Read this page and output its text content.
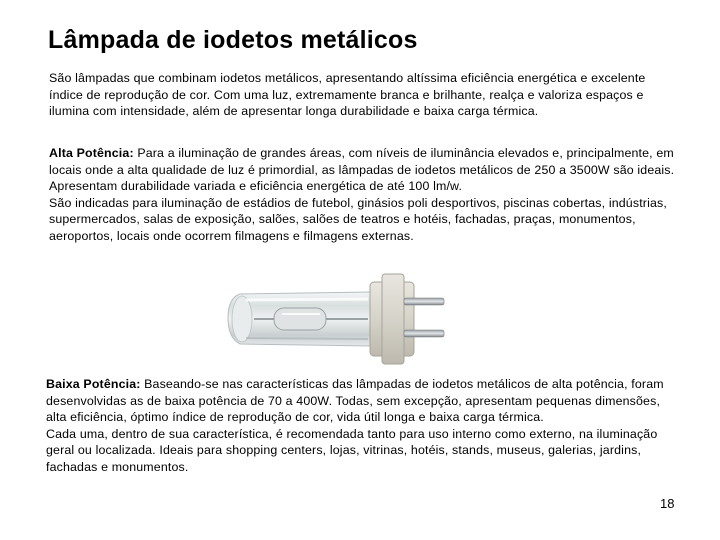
Lâmpada de iodetos metálicos

São lâmpadas que combinam iodetos metálicos, apresentando altíssima eficiência energética e excelente índice de reprodução de cor. Com uma luz, extremamente branca e brilhante, realça e valoriza espaços e ilumina com intensidade, além de apresentar longa durabilidade e baixa carga térmica.

Alta Potência: Para a iluminação de grandes áreas, com níveis de iluminância elevados e, principalmente, em locais onde a alta qualidade de luz é primordial, as lâmpadas de iodetos metálicos de 250 a 3500W são ideais.
Apresentam durabilidade variada e eficiência energética de até 100 lm/w.
São indicadas para iluminação de estádios de futebol, ginásios poli desportivos, piscinas cobertas, indústrias, supermercados, salas de exposição, salões, salões de teatros e hotéis, fachadas, praças, monumentos, aeroportos, locais onde ocorrem filmagens e filmagens externas.

Baixa Potência: Baseando-se nas características das lâmpadas de iodetos metálicos de alta potência, foram desenvolvidas as de baixa potência de 70 a 400W. Todas, sem excepção, apresentam pequenas dimensões, alta eficiência, óptimo índice de reprodução de cor, vida útil longa e baixa carga térmica.
Cada uma, dentro de sua característica, é recomendada tanto para uso interno como externo, na iluminação geral ou localizada. Ideais para shopping centers, lojas, vitrinas, hotéis, stands, museus, galerias, jardins, fachadas e monumentos.

18
